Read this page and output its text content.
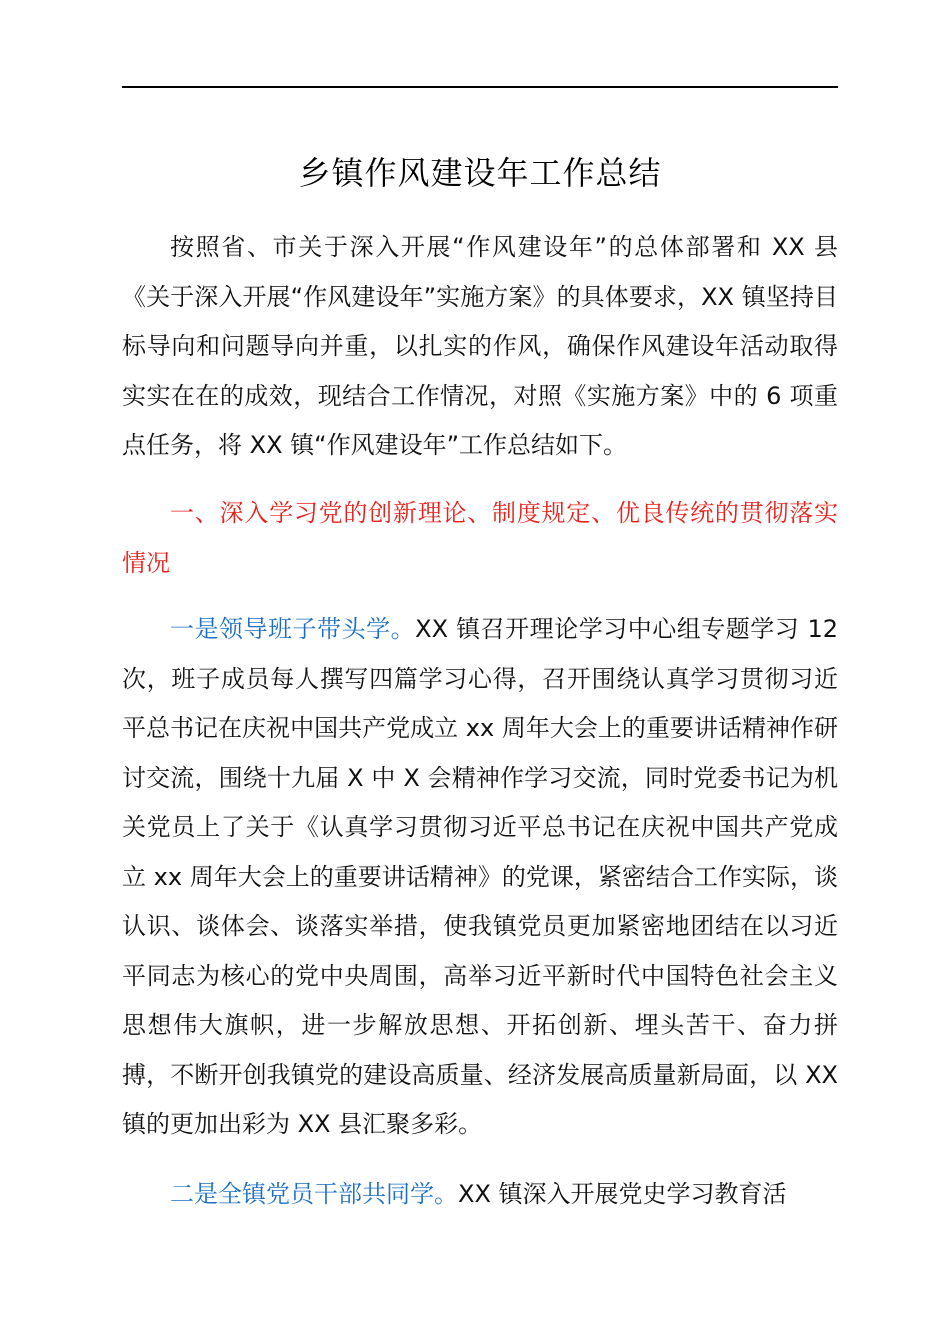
乡镇作风建设年工作总结

按照省、市关于深入开展“作风建设年”的总体部署和 XX 县《关于深入开展“作风建设年”实施方案》的具体要求，XX 镇坚持目标导向和问题导向并重，以扎实的作风，确保作风建设年活动取得实实在在的成效，现结合工作情况，对照《实施方案》中的 6 项重点任务，将 XX 镇“作风建设年”工作总结如下。

一、深入学习党的创新理论、制度规定、优良传统的贯彻落实情况

一是领导班子带头学。XX 镇召开理论学习中心组专题学习 12 次，班子成员每人撰写四篇学习心得，召开围绕认真学习贯彻习近平总书记在庆祝中国共产党成立 xx 周年大会上的重要讲话精神作研讨交流，围绕十九届 X 中 X 会精神作学习交流，同时党委书记为机关党员上了关于《认真学习贯彻习近平总书记在庆祝中国共产党成立 xx 周年大会上的重要讲话精神》的党课，紧密结合工作实际，谈认识、谈体会、谈落实举措，使我镇党员更加紧密地团结在以习近平同志为核心的党中央周围，高举习近平新时代中国特色社会主义思想伟大旗帜，进一步解放思想、开拓创新、埋头苦干、奋力拼搏，不断开创我镇党的建设高质量、经济发展高质量新局面，以 XX 镇的更加出彩为 XX 县汇聚多彩。

二是全镇党员干部共同学。XX 镇深入开展党史学习教育活
